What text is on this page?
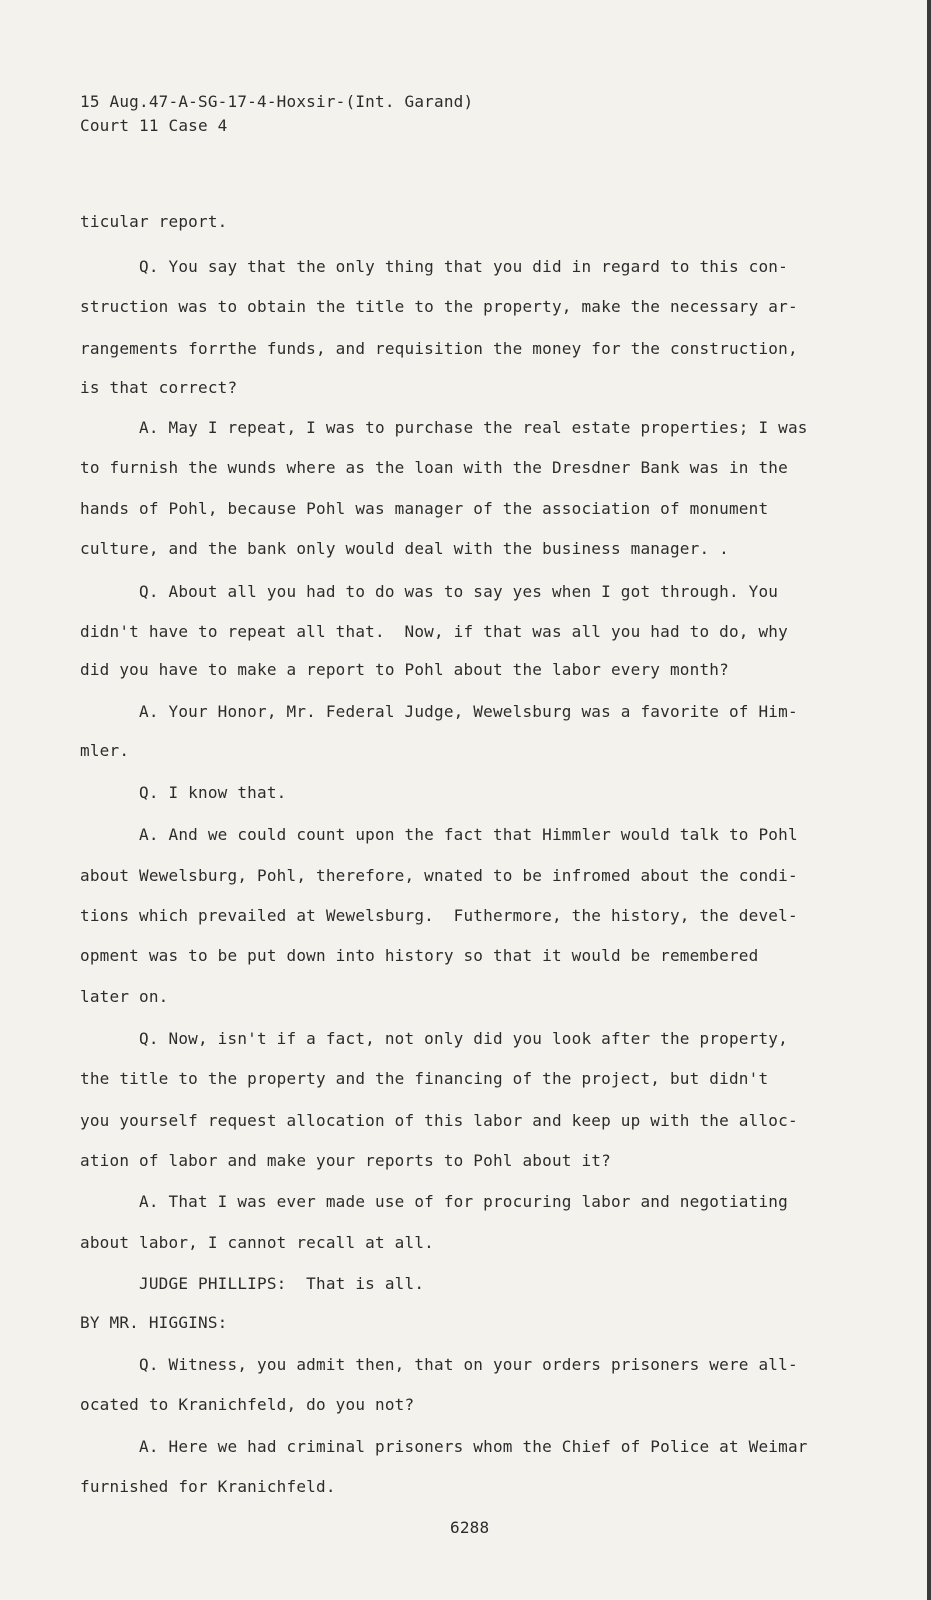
15 Aug.47-A-SG-17-4-Hoxsir-(Int. Garand)
Court 11 Case 4
ticular report.
Q. You say that the only thing that you did in regard to this con-
struction was to obtain the title to the property, make the necessary ar-
rangements forrthe funds, and requisition the money for the construction,
is that correct?
A. May I repeat, I was to purchase the real estate properties; I was
to furnish the wunds where as the loan with the Dresdner Bank was in the
hands of Pohl, because Pohl was manager of the association of monument
culture, and the bank only would deal with the business manager. .
Q. About all you had to do was to say yes when I got through. You
didn't have to repeat all that.  Now, if that was all you had to do, why
did you have to make a report to Pohl about the labor every month?
A. Your Honor, Mr. Federal Judge, Wewelsburg was a favorite of Him-
mler.
Q. I know that.
A. And we could count upon the fact that Himmler would talk to Pohl
about Wewelsburg, Pohl, therefore, wnated to be infromed about the condi-
tions which prevailed at Wewelsburg.  Futhermore, the history, the devel-
opment was to be put down into history so that it would be remembered
later on.
Q. Now, isn't if a fact, not only did you look after the property,
the title to the property and the financing of the project, but didn't
you yourself request allocation of this labor and keep up with the alloc-
ation of labor and make your reports to Pohl about it?
A. That I was ever made use of for procuring labor and negotiating
about labor, I cannot recall at all.
JUDGE PHILLIPS:  That is all.
BY MR. HIGGINS:
Q. Witness, you admit then, that on your orders prisoners were all-
ocated to Kranichfeld, do you not?
A. Here we had criminal prisoners whom the Chief of Police at Weimar
furnished for Kranichfeld.
6288
